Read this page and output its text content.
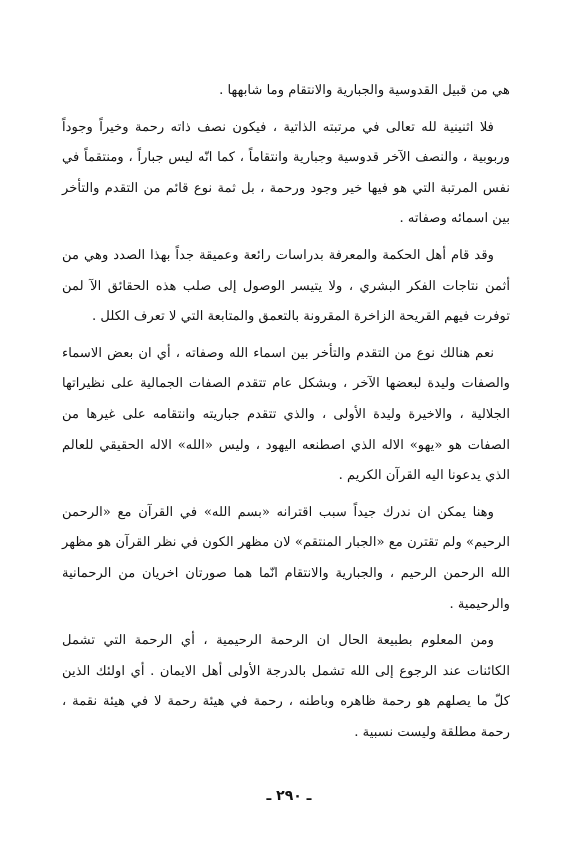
هي من قبيل القدوسية والجبارية والانتقام وما شابهها .

فلا اثنينية لله تعالى في مرتبته الذاتية ، فيكون نصف ذاته رحمة وخيراً وجوداً وربوبية ، والنصف الآخر قدوسية وجبارية وانتقاماً ، كما انّه ليس جباراً ، ومنتقماً في نفس المرتبة التي هو فيها خير وجود ورحمة ، بل ثمة نوع قائم من التقدم والتأخر بين اسمائه وصفاته .

وقد قام أهل الحكمة والمعرفة بدراسات رائعة وعميقة جداً بهذا الصدد وهي من أثمن نتاجات الفكر البشري ، ولا يتيسر الوصول إلى صلب هذه الحقائق الآ لمن توفرت فيهم القريحة الزاخرة المقرونة بالتعمق والمتابعة التي لا تعرف الكلل .

نعم هنالك نوع من التقدم والتأخر بين اسماء الله وصفاته ، أي ان بعض الاسماء والصفات وليدة لبعضها الآخر ، وبشكل عام تتقدم الصفات الجمالية على نظيراتها الجلالية ، والاخيرة وليدة الأولى ، والذي تتقدم جباريته وانتقامه على غيرها من الصفات هو «يهو» الاله الذي اصطنعه اليهود ، وليس «الله» الاله الحقيقي للعالم الذي يدعونا اليه القرآن الكريم .

وهنا يمكن ان ندرك جيداً سبب اقترانه «بسم الله» في القرآن مع «الرحمن الرحيم» ولم تقترن مع «الجبار المنتقم» لان مظهر الكون في نظر القرآن هو مظهر الله الرحمن الرحيم ، والجبارية والانتقام انّما هما صورتان اخريان من الرحمانية والرحيمية .

ومن المعلوم بطبيعة الحال ان الرحمة الرحيمية ، أي الرحمة التي تشمل الكائنات عند الرجوع إلى الله تشمل بالدرجة الأولى أهل الايمان . أي اولئك الذين كلّ ما يصلهم هو رحمة ظاهره وباطنه ، رحمة في هيئة رحمة لا في هيئة نقمة ، رحمة مطلقة وليست نسبية .

ـ ٢٩٠ ـ
